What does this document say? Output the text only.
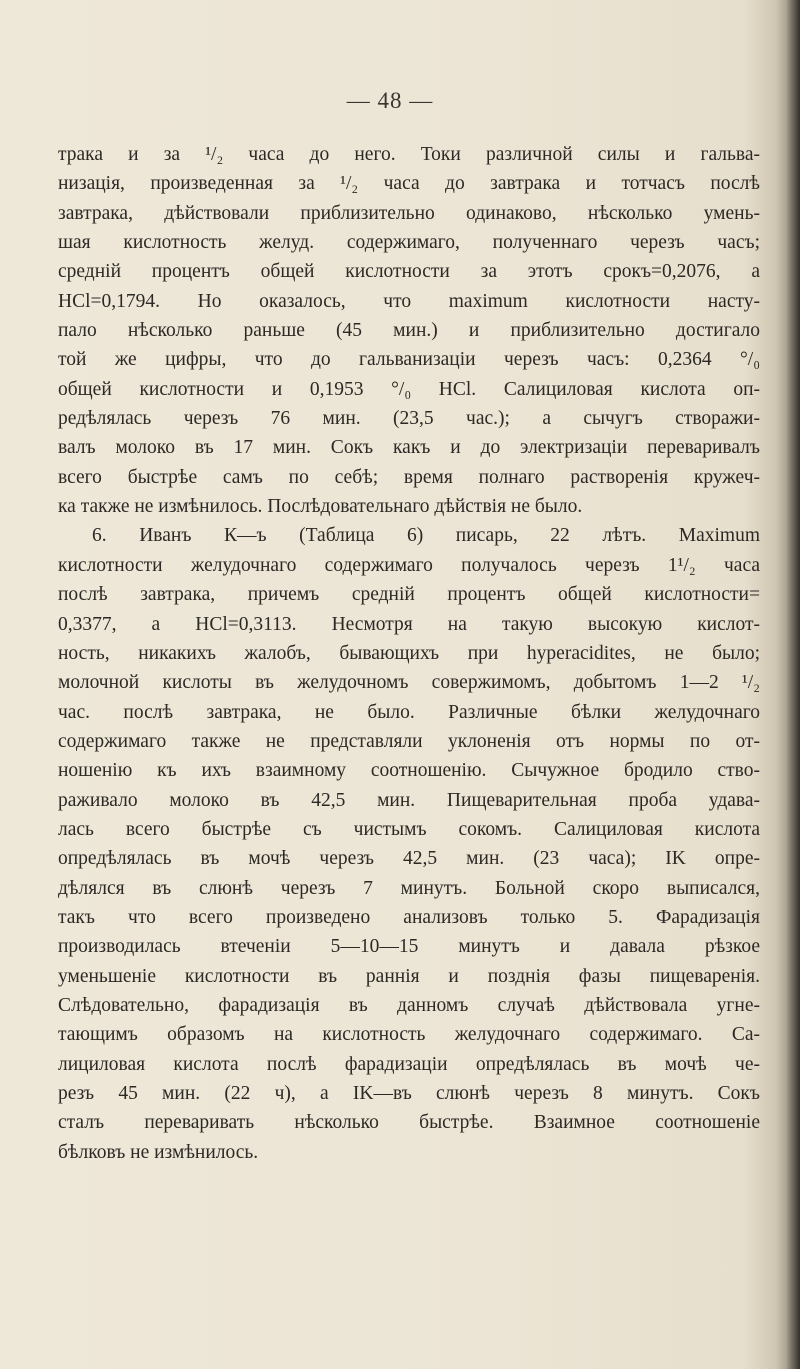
— 48 —
трака и за ¹/₂ часа до него. Токи различной силы и гальва-
низація, произведенная за ¹/₂ часа до завтрака и тотчасъ послѣ
завтрака, дѣйствовали приблизительно одинаково, нѣсколько умень-
шая кислотность желуд. содержимаго, полученнаго черезъ часъ;
средній процентъ общей кислотности за этотъ срокъ=0,2076, а
HCl=0,1794. Но оказалось, что maximum кислотности насту-
пало нѣсколько раньше (45 мин.) и приблизительно достигало
той же цифры, что до гальванизаціи черезъ часъ: 0,2364 °/₀
общей кислотности и 0,1953 °/₀ HCl. Салициловая кислота оп-
редѣлялась черезъ 76 мин. (23,5 час.); а сычугъ створажи-
валъ молоко въ 17 мин. Сокъ какъ и до электризаціи переваривалъ
всего быстрѣе самъ по себѣ; время полнаго растворенія кружеч-
ка также не измѣнилось. Послѣдовательнаго дѣйствія не было.
6. Иванъ К—ъ (Таблица 6) писарь, 22 лѣтъ. Maximum
кислотности желудочнаго содержимаго получалось черезъ 1¹/₂ часа
послѣ завтрака, причемъ средній процентъ общей кислотности=
0,3377, а HCl=0,3113. Несмотря на такую высокую кислот-
ность, никакихъ жалобъ, бывающихъ при hyperacidites, не было;
молочной кислоты въ желудочномъ совержимомъ, добытомъ 1—2 ¹/₂
час. послѣ завтрака, не было. Различные бѣлки желудочнаго
содержимаго также не представляли уклоненія отъ нормы по от-
ношенію къ ихъ взаимному соотношенію. Сычужное бродило ство-
раживало молоко въ 42,5 мин. Пищеварительная проба удава-
лась всего быстрѣе съ чистымъ сокомъ. Салициловая кислота
опредѣлялась въ мочѣ черезъ 42,5 мин. (23 часа); IK опре-
дѣлялся въ слюнѣ черезъ 7 минутъ. Больной скоро выписался,
такъ что всего произведено анализовъ только 5. Фарадизація
производилась втеченіи 5—10—15 минутъ и давала рѣзкое
уменьшеніе кислотности въ раннія и позднія фазы пищеваренія.
Слѣдовательно, фарадизація въ данномъ случаѣ дѣйствовала угне-
тающимъ образомъ на кислотность желудочнаго содержимаго. Са-
лициловая кислота послѣ фарадизаціи опредѣлялась въ мочѣ че-
резъ 45 мин. (22 ч), а IK—въ слюнѣ черезъ 8 минутъ. Сокъ
сталъ переваривать нѣсколько быстрѣе. Взаимное соотношеніе
бѣлковъ не измѣнилось.
